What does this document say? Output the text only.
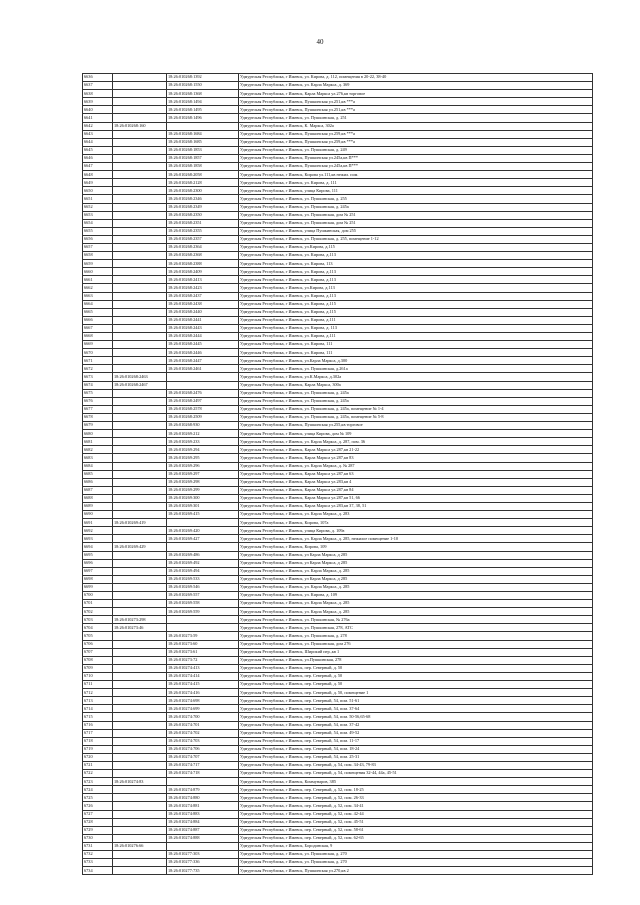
40
6636		18:26:010268:1392	Удмуртская Республика, г Ижевск, ул. Кирова, д. 112, помещения в 20-22, 38-40
6637		18:26:010268:1550	Удмуртская Республика, г Ижевск, ул. Карла Маркса, д. 369
6638		18:26:010268:1368	Удмуртская Республика, г Ижевск, Карла Маркса ул.276,кв торговое
6639		18:26:010268:1494	Удмуртская Республика, г Ижевск, Пушкинская ул.251,кв ***а
6640		18:26:010268:1495	Удмуртская Республика, г Ижевск, Пушкинская ул.251,кв ***а
6641		18:26:010268:1496	Удмуртская Республика, г Ижевск, ул. Пушкинская, д. 251
6642	18:26:010268:160		Удмуртская Республика, г Ижевск, К. Маркса, 302а
6643		18:26:010268:1684	Удмуртская Республика, г Ижевск, Пушкинская ул.259,кв ***а
6644		18:26:010268:1685	Удмуртская Республика, г Ижевск, Пушкинская ул.259,кв ***а
6645		18:26:010268:1853	Удмуртская Республика, г Ижевск, ул. Пушкинская, д. 249
6646		18:26:010268:1857	Удмуртская Республика, г Ижевск, Пушкинская ул.245а,кв П***
6647		18:26:010268:1858	Удмуртская Республика, г Ижевск, Пушкинская ул.245а,кв П***
6648		18:26:010268:2058	Удмуртская Республика, г Ижевск, Кирова ул.111,кв нежил. пом.
6649		18:26:010268:2128	Удмуртская Республика, г Ижевск, ул. Кирова, д. 111
6650		18:26:010268:2300	Удмуртская Республика, г Ижевск, улица Кирова, 111
6651		18:26:010268:2346	Удмуртская Республика, г Ижевск, ул. Пушкинская, д. 255
6652		18:26:010268:2349	Удмуртская Республика, г Ижевск, ул. Пушкинская, д. 245а
6653		18:26:010268:2350	Удмуртская Республика, г Ижевск, ул. Пушкинская, дом № 251
6654		18:26:010268:2351	Удмуртская Республика, г Ижевск, ул. Пушкинская, дом № 251
6655		18:26:010268:2355	Удмуртская Республика, г Ижевск, улица Пушкинская, дом 255
6656		18:26:010268:2357	Удмуртская Республика, г Ижевск, ул. Пушкинская, д. 255, помещение 1-12
6657		18:26:010268:2364	Удмуртская Республика, г Ижевск, ул.Кирова, д.115
6658		18:26:010268:2368	Удмуртская Республика, г Ижевск, ул. Кирова, д.113
6659		18:26:010268:2388	Удмуртская Республика, г Ижевск, ул. Кирова, 113
6660		18:26:010268:2409	Удмуртская Республика, г Ижевск, ул. Кирова, д.113
6661		18:26:010268:2413	Удмуртская Республика, г Ижевск, ул. Кирова, д.113
6662		18:26:010268:2423	Удмуртская Республика, г Ижевск, ул.Кирова, д.113
6663		18:26:010268:2437	Удмуртская Республика, г Ижевск, ул. Кирова, д.113
6664		18:26:010268:2438	Удмуртская Республика, г Ижевск, ул. Кирова, д.115
6665		18:26:010268:2440	Удмуртская Республика, г Ижевск, ул. Кирова, д.115
6666		18:26:010268:2441	Удмуртская Республика, г Ижевск, ул. Кирова, д.111
6667		18:26:010268:2443	Удмуртская Республика, г Ижевск, ул. Кирова, д. 113
6668		18:26:010268:2444	Удмуртская Республика, г Ижевск, ул. Кирова, д.111
6669		18:26:010268:2445	Удмуртская Республика, г Ижевск, ул. Кирова, 111
6670		18:26:010268:2446	Удмуртская Республика, г Ижевск, ул. Кирова, 111
6671		18:26:010268:2447	Удмуртская Республика, г Ижевск, ул.Карла Маркса, д.300
6672		18:26:010268:2461	Удмуртская Республика, г Ижевск, ул. Пушкинская, д.261а
6673	18:26:010268:2463		Удмуртская Республика, г Ижевск, ул.К.Маркса, д.302а
6674	18:26:010268:2467		Удмуртская Республика, г Ижевск, Карла Маркса, 300а
6675		18:26:010268:2476	Удмуртская Республика, г Ижевск, ул. Пушкинская, д. 245а
6676		18:26:010268:2497	Удмуртская Республика, г Ижевск, ул. Пушкинская, д. 245а
6677		18:26:010268:2578	Удмуртская Республика, г Ижевск, ул. Пушкинская, д. 245а, помещение № 1-4
6678		18:26:010268:2509	Удмуртская Республика, г Ижевск, ул. Пушкинская, д. 245а, помещение № 5-8
6679		18:26:010268:930	Удмуртская Республика, г Ижевск, Пушкинская ул.255,кв торговое
6680		18:26:010269:212	Удмуртская Республика, г Ижевск, улица Кирова, дом № 109
6681		18:26:010269:233	Удмуртская Республика, г Ижевск, ул. Карла Маркса, д. 287, пом. 36
6682		18:26:010269:294	Удмуртская Республика, г Ижевск, Карла Маркса ул.287,кв 21-22
6683		18:26:010269:295	Удмуртская Республика, г Ижевск, Карла Маркса ул.287,кв 83
6684		18:26:010269:296	Удмуртская Республика, г Ижевск, ул. Карла Маркса, д. № 287
6685		18:26:010269:297	Удмуртская Республика, г Ижевск, Карла Маркса ул.287,кв 63
6686		18:26:010269:298	Удмуртская Республика, г Ижевск, Карла Маркса ул.283,кв 4
6687		18:26:010269:299	Удмуртская Республика, г Ижевск, Карла Маркса ул.287,кв 84
6688		18:26:010269:300	Удмуртская Республика, г Ижевск, Карла Маркса ул.287,кв 51, 66
6689		18:26:010269:301	Удмуртская Республика, г Ижевск, Карла Маркса ул.283,кв 37, 38, 51
6690		18:26:010269:415	Удмуртская Республика, г Ижевск, ул. Карла Маркса, д. 283
6691	18:26:010269:419		Удмуртская Республика, г Ижевск, Кирова, 107а
6692		18:26:010269:420	Удмуртская Республика, г Ижевск, улица Кирова, д. 109а
6693		18:26:010269:427	Удмуртская Республика, г Ижевск, ул. Карла Маркса, д. 285, нежилое помещение 1-10
6694	18:26:010269:429		Удмуртская Республика, г Ижевск, Кирова, 109
6695		18:26:010269:486	Удмуртская Республика, г Ижевск, ул Карла Маркса, д 285
6696		18:26:010269:492	Удмуртская Республика, г Ижевск, ул Карла Маркса, д 285
6697		18:26:010269:494	Удмуртская Республика, г Ижевск, ул. Карла Маркса, д. 285
6698		18:26:010269:533	Удмуртская Республика, г Ижевск, ул Карла Маркса, д 285
6699		18:26:010269:546	Удмуртская Республика, г Ижевск, ул. Карла Маркса, д. 285
6700		18:26:010269:557	Удмуртская Республика, г Ижевск, ул. Кирова, д. 109
6701		18:26:010269:558	Удмуртская Республика, г Ижевск, ул. Карла Маркса, д. 285
6702		18:26:010269:559	Удмуртская Республика, г Ижевск, ул. Карла Маркса, д. 285
6703	18:26:010273:298		Удмуртская Республика, г Ижевск, ул. Пушкинская, № 276а
6704	18:26:010273:46		Удмуртская Республика, г Ижевск, ул. Пушкинская, 278, АТС
6705		18:26:010273:59	Удмуртская Республика, г Ижевск, ул. Пушкинская, д. 278
6706		18:26:010273:60	Удмуртская Республика, г Ижевск, ул. Пушкинская, дом 276
6707		18:26:010273:61	Удмуртская Республика, г Ижевск, Широкий пер.,кв 1
6708		18:26:010273:72	Удмуртская Республика, г Ижевск, ул.Пушкинская, 278
6709		18:26:010274:413	Удмуртская Республика, г Ижевск, пер. Северный, д. 50
6710		18:26:010274:414	Удмуртская Республика, г Ижевск, пер. Северный, д. 50
6711		18:26:010274:415	Удмуртская Республика, г Ижевск, пер. Северный, д. 50
6712		18:26:010274:416	Удмуртская Республика, г Ижевск, пер. Северный, д. 50, помещение 1
6713		18:26:010274:698	Удмуртская Республика, г Ижевск, пер. Северный, 54, пом. 51-61
6714		18:26:010274:699	Удмуртская Республика, г Ижевск, пер. Северный, 54, пом. 37-64
6715		18:26:010274:700	Удмуртская Республика, г Ижевск, пер. Северный, 54, пом. 50-56,65-68
6716		18:26:010274:701	Удмуртская Республика, г Ижевск, пер. Северный, 54, пом. 37-42
6717		18:26:010274:702	Удмуртская Республика, г Ижевск, пер. Северный, 54, пом. 49-52
6718		18:26:010274:703	Удмуртская Республика, г Ижевск, пер. Северный, 54, пом. 11-17
6719		18:26:010274:706	Удмуртская Республика, г Ижевск, пер. Северный, 54, пом. 18-24
6720		18:26:010274:707	Удмуртская Республика, г Ижевск, пер. Северный, 54, пом. 25-31
6721		18:26:010274:717	Удмуртская Республика, г Ижевск, пер. Северный, д. 54, пом. 34-43, 79-83
6722		18:26:010274:718	Удмуртская Республика, г Ижевск, пер. Северный, д. 54, помещения 32-44, 44а, 45-51
6723	18:26:010274:83		Удмуртская Республика, г Ижевск, Коммунаров, 385
6724		18:26:010274:879	Удмуртская Республика, г Ижевск, пер. Северный, д. 52, пом. 18-25
6725		18:26:010274:880	Удмуртская Республика, г Ижевск, пер. Северный, д. 52, пом. 26-33
6726		18:26:010274:881	Удмуртская Республика, г Ижевск, пер. Северный, д. 52, пом. 34-41
6727		18:26:010274:883	Удмуртская Республика, г Ижевск, пер. Северный, д. 52, пом. 42-44
6728		18:26:010274:884	Удмуртская Республика, г Ижевск, пер. Северный, д. 52, пом. 45-51
6729		18:26:010274:887	Удмуртская Республика, г Ижевск, пер. Северный, д. 52, пом. 58-61
6730		18:26:010274:888	Удмуртская Республика, г Ижевск, пер. Северный, д. 52, пом. 62-65
6731	18:26:010276:66		Удмуртская Республика, г Ижевск, Бородинская, 9
6732		18:26:010277:303	Удмуртская Республика, г Ижевск, ул. Пушкинская, д. 270
6733		18:26:010277:336	Удмуртская Республика, г Ижевск, ул. Пушкинская, д. 270
6734		18:26:010277:735	Удмуртская Республика, г Ижевск, Пушкинская ул.270,кв 2
